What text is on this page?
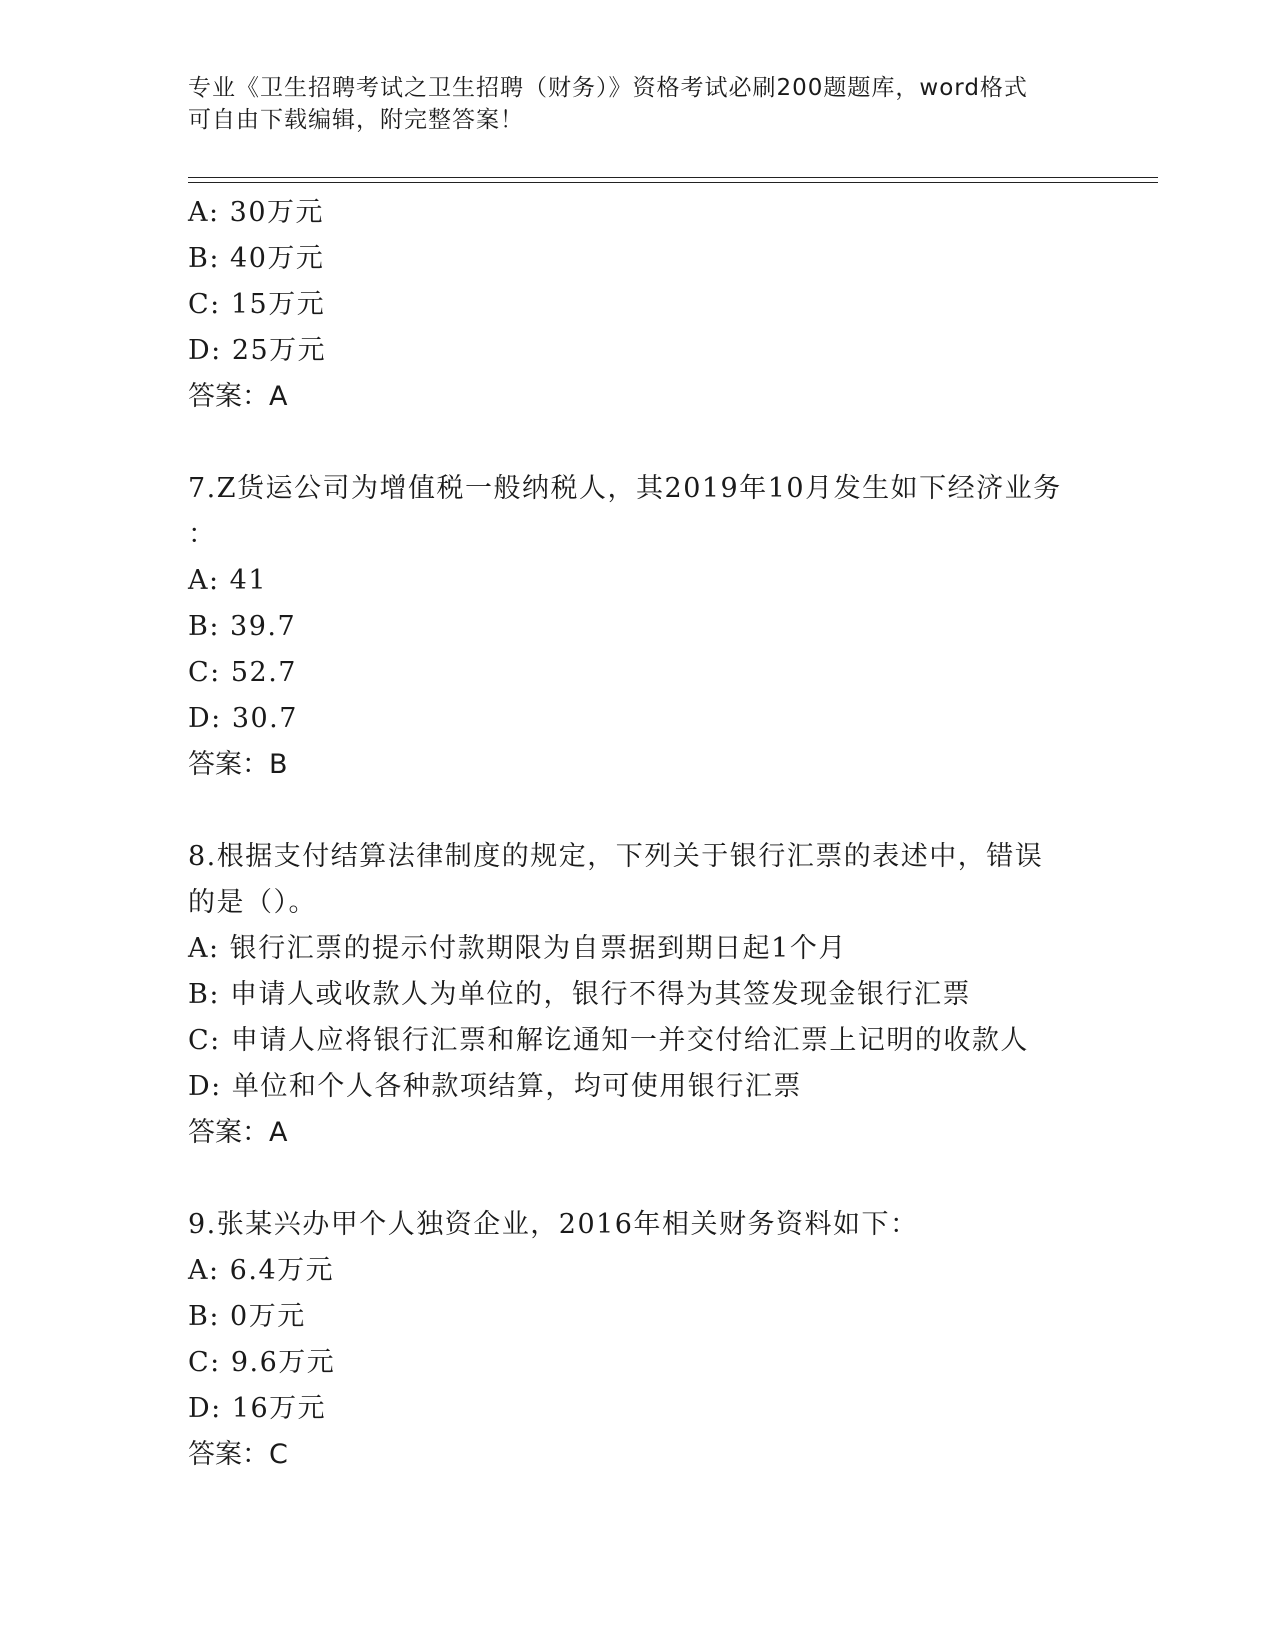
专业《卫生招聘考试之卫生招聘（财务）》资格考试必刷200题题库，word格式
可自由下载编辑，附完整答案！
A: 30万元
B: 40万元
C: 15万元
D: 25万元
答案：A
7.Z货运公司为增值税一般纳税人，其2019年10月发生如下经济业务
：
A: 41
B: 39.7
C: 52.7
D: 30.7
答案：B
8.根据支付结算法律制度的规定，下列关于银行汇票的表述中，错误
的是（）。
A: 银行汇票的提示付款期限为自票据到期日起1个月
B: 申请人或收款人为单位的，银行不得为其签发现金银行汇票
C: 申请人应将银行汇票和解讫通知一并交付给汇票上记明的收款人
D: 单位和个人各种款项结算，均可使用银行汇票
答案：A
9.张某兴办甲个人独资企业，2016年相关财务资料如下：
A: 6.4万元
B: 0万元
C: 9.6万元
D: 16万元
答案：C
